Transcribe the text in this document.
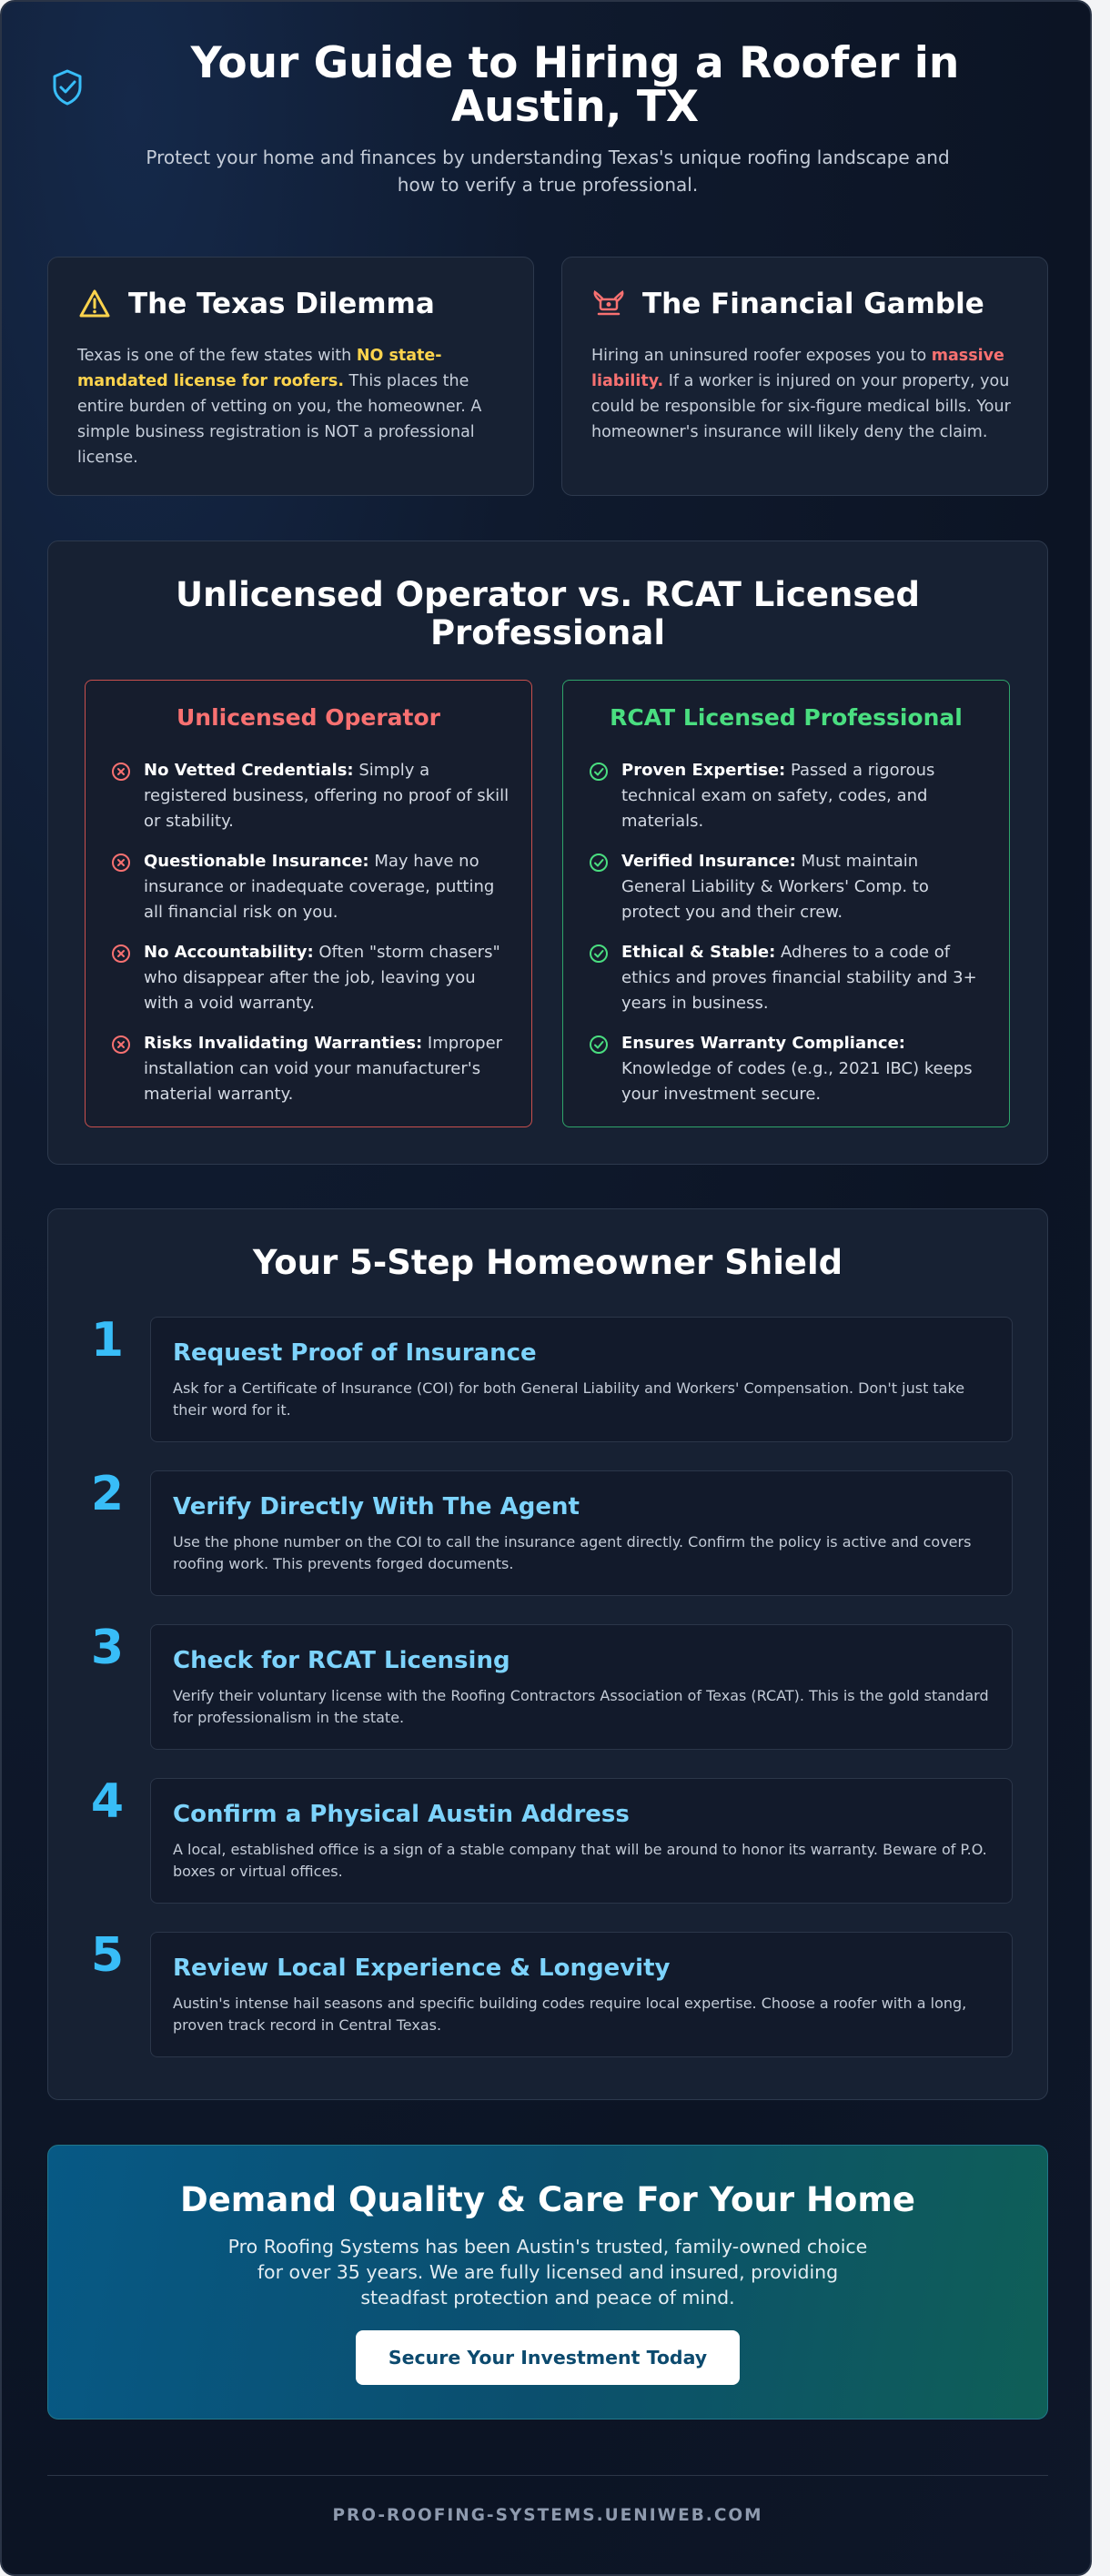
Your Guide to Hiring a Roofer in Austin, TX

Protect your home and finances by understanding Texas's unique roofing landscape and how to verify a true professional.

The Texas Dilemma

Texas is one of the few states with NO state-mandated license for roofers. This places the entire burden of vetting on you, the homeowner. A simple business registration is NOT a professional license.

The Financial Gamble

Hiring an uninsured roofer exposes you to massive liability. If a worker is injured on your property, you could be responsible for six-figure medical bills. Your homeowner's insurance will likely deny the claim.

Unlicensed Operator vs. RCAT Licensed Professional
Unlicensed Operator
No Vetted Credentials: Simply a registered business, offering no proof of skill or stability.
Questionable Insurance: May have no insurance or inadequate coverage, putting all financial risk on you.
No Accountability: Often "storm chasers" who disappear after the job, leaving you with a void warranty.
Risks Invalidating Warranties: Improper installation can void your manufacturer's material warranty.
RCAT Licensed Professional
Proven Expertise: Passed a rigorous technical exam on safety, codes, and materials.
Verified Insurance: Must maintain General Liability & Workers' Comp. to protect you and their crew.
Ethical & Stable: Adheres to a code of ethics and proves financial stability and 3+ years in business.
Ensures Warranty Compliance: Knowledge of codes (e.g., 2021 IBC) keeps your investment secure.
Your 5-Step Homeowner Shield
1 Request Proof of Insurance

Ask for a Certificate of Insurance (COI) for both General Liability and Workers' Compensation. Don't just take their word for it.

2 Verify Directly With The Agent

Use the phone number on the COI to call the insurance agent directly. Confirm the policy is active and covers roofing work. This prevents forged documents.

3 Check for RCAT Licensing

Verify their voluntary license with the Roofing Contractors Association of Texas (RCAT). This is the gold standard for professionalism in the state.

4 Confirm a Physical Austin Address

A local, established office is a sign of a stable company that will be around to honor its warranty. Beware of P.O. boxes or virtual offices.

5 Review Local Experience & Longevity

Austin's intense hail seasons and specific building codes require local expertise. Choose a roofer with a long, proven track record in Central Texas.

Demand Quality & Care For Your Home

Pro Roofing Systems has been Austin's trusted, family-owned choice for over 35 years. We are fully licensed and insured, providing steadfast protection and peace of mind.

Secure Your Investment Today
PRO-ROOFING-SYSTEMS.UENIWEB.COM
